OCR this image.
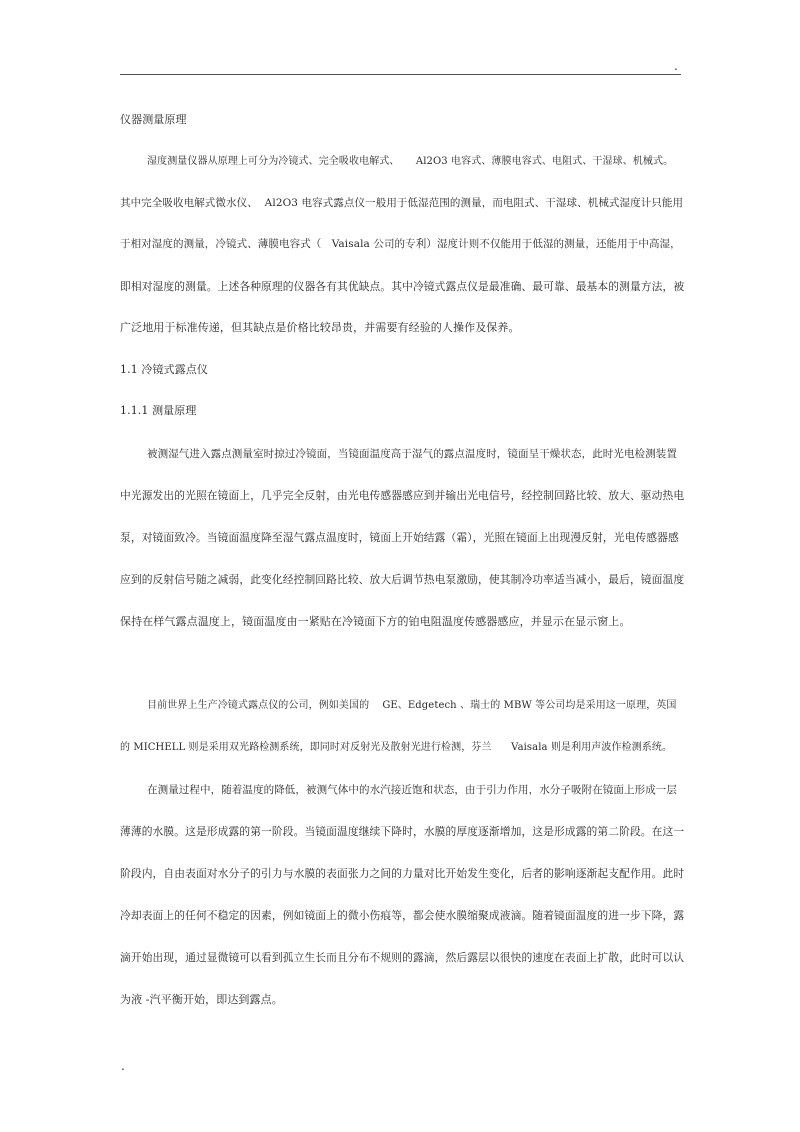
.
仪器测量原理
湿度测量仪器从原理上可分为冷镜式、完全吸收电解式、     Al2O3 电容式、薄膜电容式、电阻式、干湿球、机械式。
其中完全吸收电解式微水仪、  Al2O3 电容式露点仪一般用于低湿范围的测量，而电阻式、干湿球、机械式湿度计只能用
于相对湿度的测量，冷镜式、薄膜电容式（   Vaisala 公司的专利）湿度计则不仅能用于低湿的测量，还能用于中高湿，
即相对湿度的测量。上述各种原理的仪器各有其优缺点。其中冷镜式露点仪是最准确、最可靠、最基本的测量方法，被
广泛地用于标准传递，但其缺点是价格比较昂贵，并需要有经验的人操作及保养。
1.1 冷镜式露点仪
1.1.1 测量原理
被测湿气进入露点测量室时掠过冷镜面，当镜面温度高于湿气的露点温度时，镜面呈干燥状态，此时光电检测装置
中光源发出的光照在镜面上，几乎完全反射，由光电传感器感应到并输出光电信号，经控制回路比较、放大、驱动热电
泵，对镜面致冷。当镜面温度降至湿气露点温度时，镜面上开始结露（霜），光照在镜面上出现漫反射，光电传感器感
应到的反射信号随之减弱，此变化经控制回路比较、放大后调节热电泵激励，使其制冷功率适当减小，最后，镜面温度
保持在样气露点温度上，镜面温度由一紧贴在冷镜面下方的铂电阻温度传感器感应，并显示在显示窗上。
目前世界上生产冷镜式露点仪的公司，例如美国的    GE、Edgetech 、瑞士的 MBW 等公司均是采用这一原理，英国
的 MICHELL 则是采用双光路检测系统，即同时对反射光及散射光进行检测，芬兰      Vaisala 则是利用声波作检测系统。
在测量过程中，随着温度的降低，被测气体中的水汽接近饱和状态，由于引力作用，水分子吸附在镜面上形成一层
薄薄的水膜。这是形成露的第一阶段。当镜面温度继续下降时，水膜的厚度逐渐增加，这是形成露的第二阶段。在这一
阶段内，自由表面对水分子的引力与水膜的表面张力之间的力量对比开始发生变化，后者的影响逐渐起支配作用。此时
冷却表面上的任何不稳定的因素，例如镜面上的微小伤痕等，都会使水膜缩聚成液滴。随着镜面温度的进一步下降，露
滴开始出现，通过显微镜可以看到孤立生长而且分布不规则的露滴，然后露层以很快的速度在表面上扩散，此时可以认
为液 -汽平衡开始，即达到露点。
.
